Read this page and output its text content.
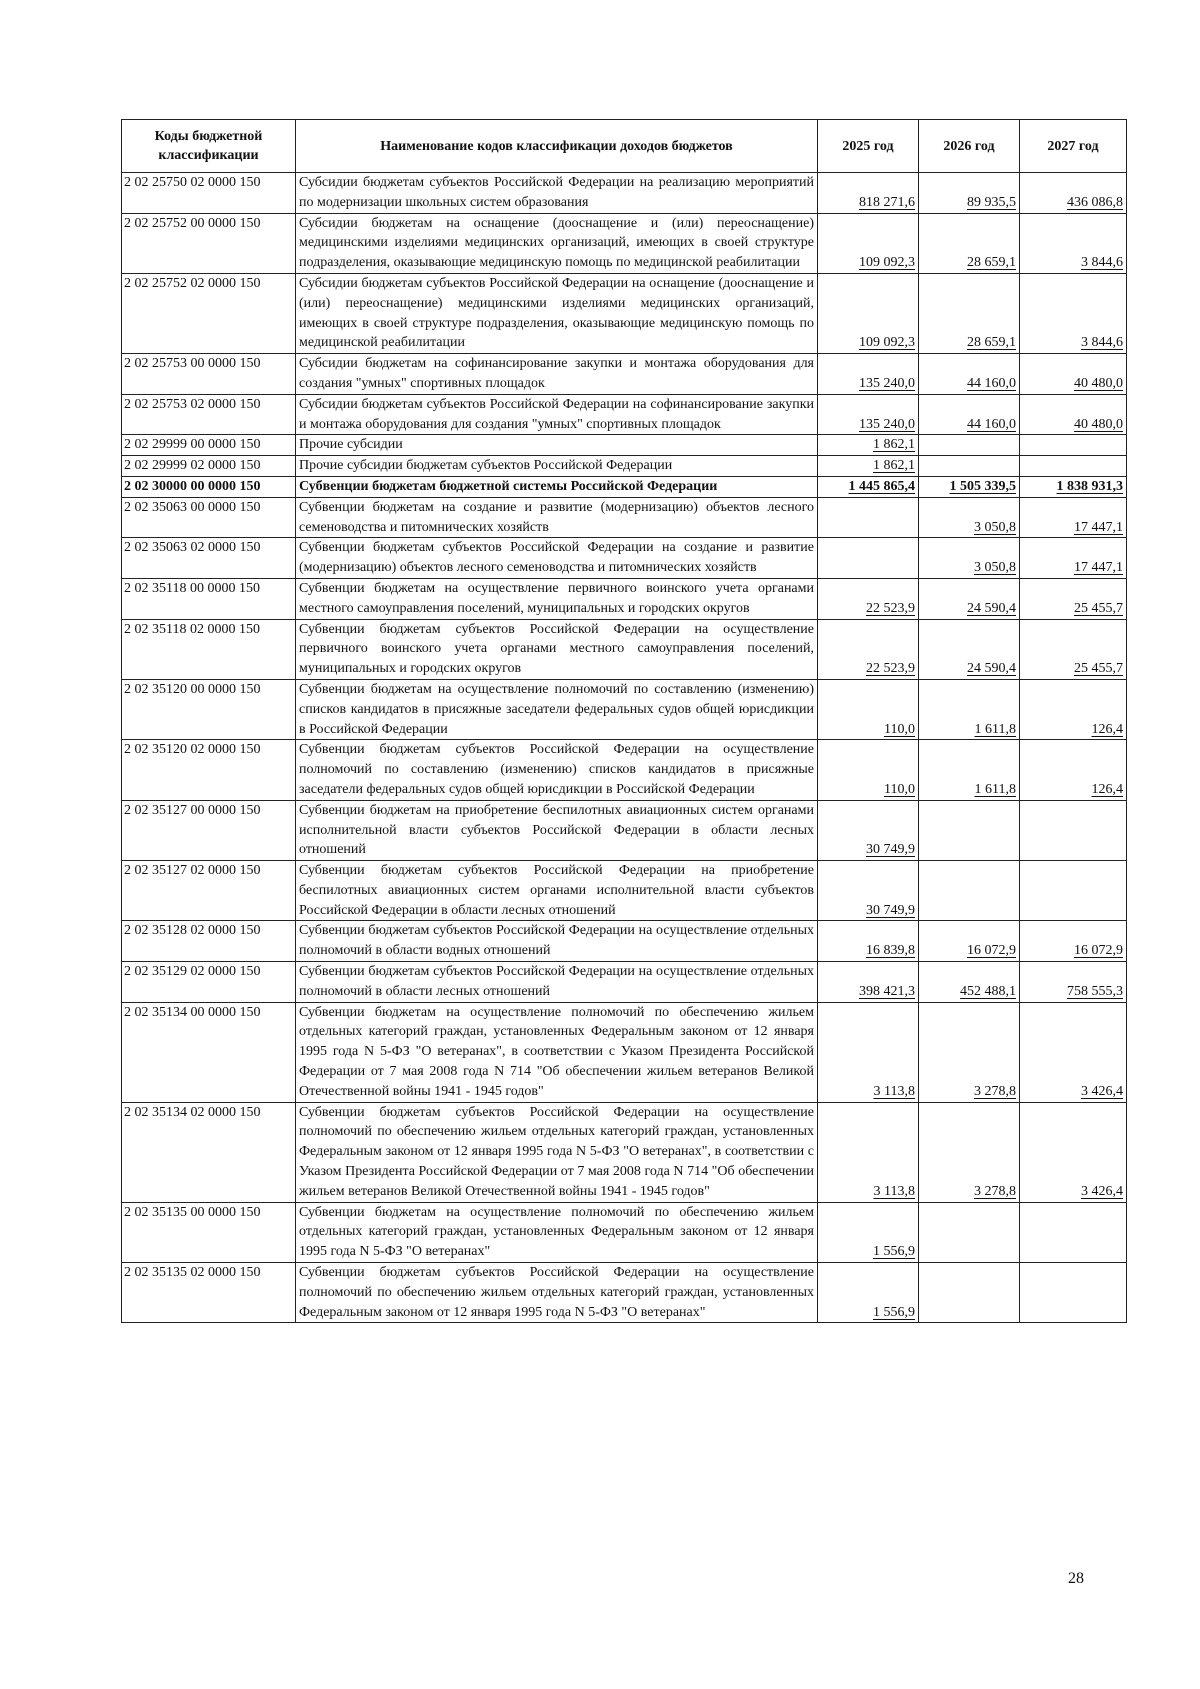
Коды бюджетной классификации	Наименование кодов классификации доходов бюджетов	2025 год	2026 год	2027 год
2 02 25750 02 0000 150	Субсидии бюджетам субъектов Российской Федерации на реализацию мероприятий по модернизации школьных систем образования	818 271,6	89 935,5	436 086,8
2 02 25752 00 0000 150	Субсидии бюджетам на оснащение (дооснащение и (или) переоснащение) медицинскими изделиями медицинских организаций, имеющих в своей структуре подразделения, оказывающие медицинскую помощь по медицинской реабилитации	109 092,3	28 659,1	3 844,6
2 02 25752 02 0000 150	Субсидии бюджетам субъектов Российской Федерации на оснащение (дооснащение и (или) переоснащение) медицинскими изделиями медицинских организаций, имеющих в своей структуре подразделения, оказывающие медицинскую помощь по медицинской реабилитации	109 092,3	28 659,1	3 844,6
2 02 25753 00 0000 150	Субсидии бюджетам на софинансирование закупки и монтажа оборудования для создания "умных" спортивных площадок	135 240,0	44 160,0	40 480,0
2 02 25753 02 0000 150	Субсидии бюджетам субъектов Российской Федерации на софинансирование закупки и монтажа оборудования для создания "умных" спортивных площадок	135 240,0	44 160,0	40 480,0
2 02 29999 00 0000 150	Прочие субсидии	1 862,1		
2 02 29999 02 0000 150	Прочие субсидии бюджетам субъектов Российской Федерации	1 862,1		
2 02 30000 00 0000 150	Субвенции бюджетам бюджетной системы Российской Федерации	1 445 865,4	1 505 339,5	1 838 931,3
2 02 35063 00 0000 150	Субвенции бюджетам на создание и развитие (модернизацию) объектов лесного семеноводства и питомнических хозяйств		3 050,8	17 447,1
2 02 35063 02 0000 150	Субвенции бюджетам субъектов Российской Федерации на создание и развитие (модернизацию) объектов лесного семеноводства и питомнических хозяйств		3 050,8	17 447,1
2 02 35118 00 0000 150	Субвенции бюджетам на осуществление первичного воинского учета органами местного самоуправления поселений, муниципальных и городских округов	22 523,9	24 590,4	25 455,7
2 02 35118 02 0000 150	Субвенции бюджетам субъектов Российской Федерации на осуществление первичного воинского учета органами местного самоуправления поселений, муниципальных и городских округов	22 523,9	24 590,4	25 455,7
2 02 35120 00 0000 150	Субвенции бюджетам на осуществление полномочий по составлению (изменению) списков кандидатов в присяжные заседатели федеральных судов общей юрисдикции в Российской Федерации	110,0	1 611,8	126,4
2 02 35120 02 0000 150	Субвенции бюджетам субъектов Российской Федерации на осуществление полномочий по составлению (изменению) списков кандидатов в присяжные заседатели федеральных судов общей юрисдикции в Российской Федерации	110,0	1 611,8	126,4
2 02 35127 00 0000 150	Субвенции бюджетам на приобретение беспилотных авиационных систем органами исполнительной власти субъектов Российской Федерации в области лесных отношений	30 749,9		
2 02 35127 02 0000 150	Субвенции бюджетам субъектов Российской Федерации на приобретение беспилотных авиационных систем органами исполнительной власти субъектов Российской Федерации в области лесных отношений	30 749,9		
2 02 35128 02 0000 150	Субвенции бюджетам субъектов Российской Федерации на осуществление отдельных полномочий в области водных отношений	16 839,8	16 072,9	16 072,9
2 02 35129 02 0000 150	Субвенции бюджетам субъектов Российской Федерации на осуществление отдельных полномочий в области лесных отношений	398 421,3	452 488,1	758 555,3
2 02 35134 00 0000 150	Субвенции бюджетам на осуществление полномочий по обеспечению жильем отдельных категорий граждан, установленных Федеральным законом от 12 января 1995 года N 5-ФЗ "О ветеранах", в соответствии с Указом Президента Российской Федерации от 7 мая 2008 года N 714 "Об обеспечении жильем ветеранов Великой Отечественной войны 1941 - 1945 годов"	3 113,8	3 278,8	3 426,4
2 02 35134 02 0000 150	Субвенции бюджетам субъектов Российской Федерации на осуществление полномочий по обеспечению жильем отдельных категорий граждан, установленных Федеральным законом от 12 января 1995 года N 5-ФЗ "О ветеранах", в соответствии с Указом Президента Российской Федерации от 7 мая 2008 года N 714 "Об обеспечении жильем ветеранов Великой Отечественной войны 1941 - 1945 годов"	3 113,8	3 278,8	3 426,4
2 02 35135 00 0000 150	Субвенции бюджетам на осуществление полномочий по обеспечению жильем отдельных категорий граждан, установленных Федеральным законом от 12 января 1995 года N 5-ФЗ "О ветеранах"	1 556,9		
2 02 35135 02 0000 150	Субвенции бюджетам субъектов Российской Федерации на осуществление полномочий по обеспечению жильем отдельных категорий граждан, установленных Федеральным законом от 12 января 1995 года N 5-ФЗ "О ветеранах"	1 556,9		
28
